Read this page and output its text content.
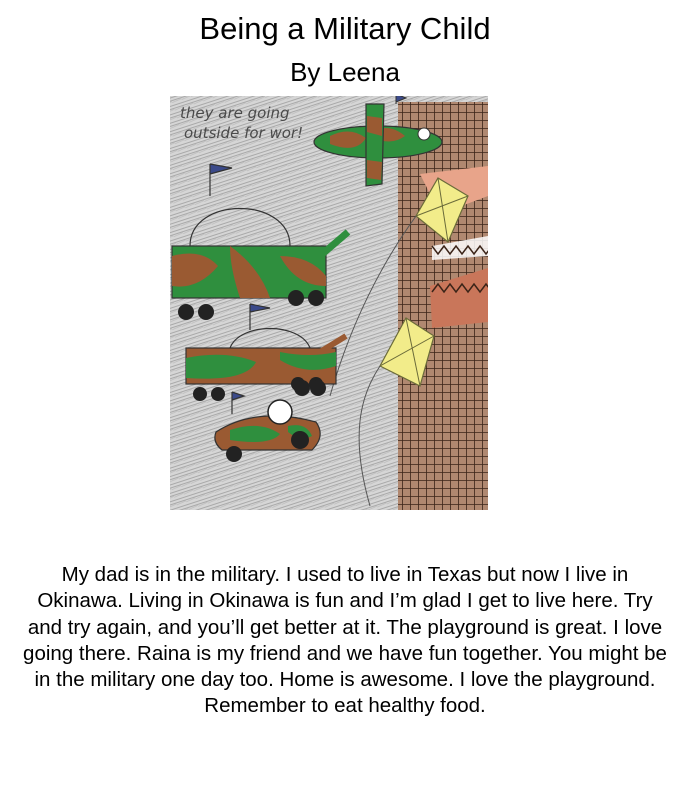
Being a Military Child
By Leena
they are going
outside for wor!
My dad is in the military. I used to live in Texas but now I live in Okinawa. Living in Okinawa is fun and I’m glad I get to live here. Try and try again, and you’ll get better at it. The playground is great. I love going there. Raina is my friend and we have fun together. You might be in the military one day too. Home is awesome. I love the playground. Remember to eat healthy food.
